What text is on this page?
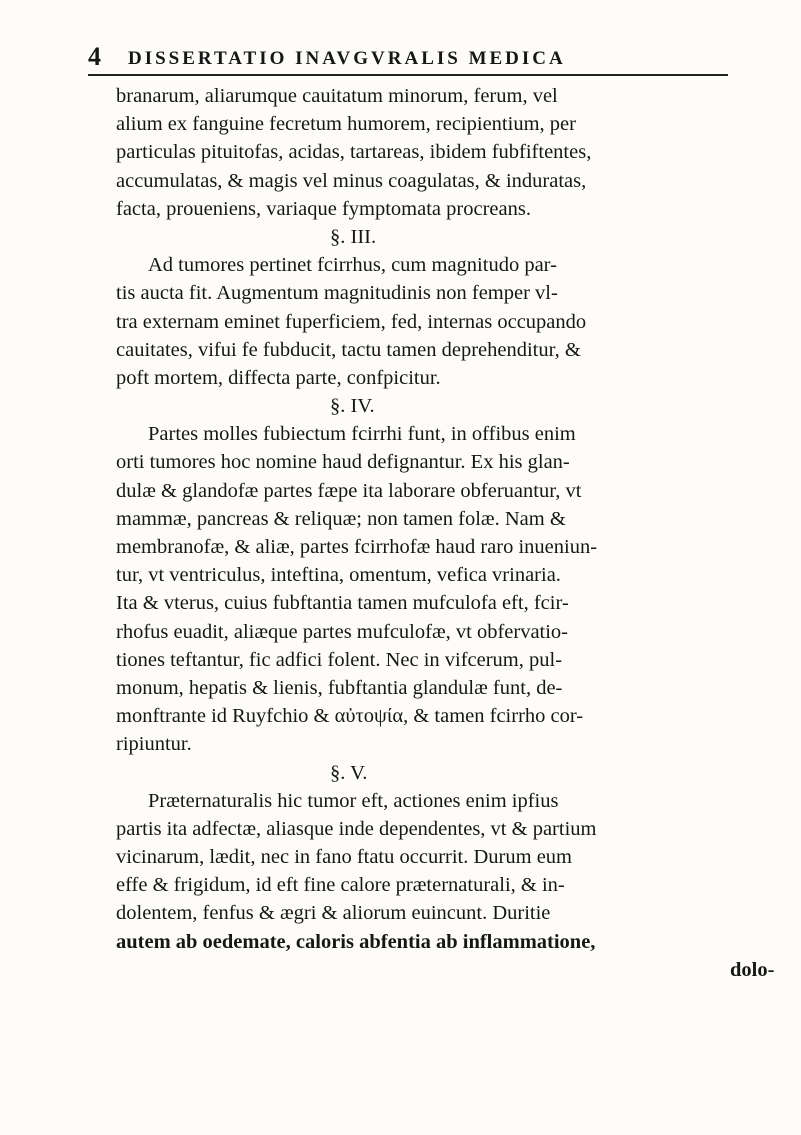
4 DISSERTATIO INAVGVRALIS MEDICA
branarum, aliarumque cauitatum minorum, ferum, vel
alium ex fanguine fecretum humorem, recipientium, per
particulas pituitofas, acidas, tartareas, ibidem fubfiftentes,
accumulatas, & magis vel minus coagulatas, & induratas,
facta, proueniens, variaque fymptomata procreans.
§. III.
Ad tumores pertinet fcirrhus, cum magnitudo par-
tis aucta fit. Augmentum magnitudinis non femper vl-
tra externam eminet fuperficiem, fed, internas occupando
cauitates, vifui fe fubducit, tactu tamen deprehenditur, &
poft mortem, diffecta parte, confpicitur.
§. IV.
Partes molles fubiectum fcirrhi funt, in offibus enim
orti tumores hoc nomine haud defignantur. Ex his glan-
dulæ & glandofæ partes fæpe ita laborare obferuantur, vt
mammæ, pancreas & reliquæ; non tamen folæ. Nam &
membranofæ, & aliæ, partes fcirrhofæ haud raro inueniun-
tur, vt ventriculus, inteftina, omentum, vefica vrinaria.
Ita & vterus, cuius fubftantia tamen mufculofa eft, fcir-
rhofus euadit, aliæque partes mufculofæ, vt obfervatio-
tiones teftantur, fic adfici folent. Nec in vifcerum, pul-
monum, hepatis & lienis, fubftantia glandulæ funt, de-
monftrante id Ruyfchio & αὐτοψία, & tamen fcirrho cor-
ripiuntur.
§. V.
Præternaturalis hic tumor eft, actiones enim ipfius
partis ita adfectæ, aliasque inde dependentes, vt & partium
vicinarum, lædit, nec in fano ftatu occurrit. Durum eum
effe & frigidum, id eft fine calore præternaturali, & in-
dolentem, fenfus & ægri & aliorum euincunt. Duritie
autem ab oedemate, caloris abfentia ab inflammatione,
dolo-
